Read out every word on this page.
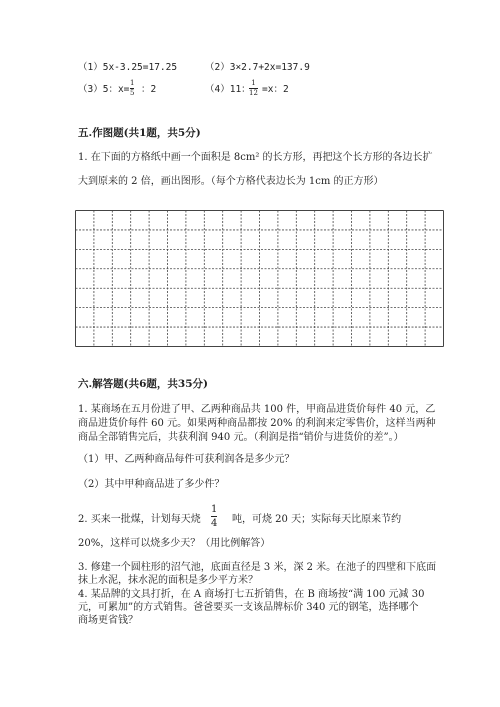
（1）5x-3.25=17.25	（2）3×2.7+2x=137.9
（3）5：x=
1
5 ：2	（4）11：
1
12 =x：2
五.作图题(共1题，共5分)
1. 在下面的方格纸中画一个面积是 8cm² 的长方形，再把这个长方形的各边长扩
大到原来的 2 倍，画出图形。（每个方格代表边长为 1cm 的正方形）
六.解答题(共6题，共35分)
1. 某商场在五月份进了甲、乙两种商品共 100 件，甲商品进货价每件 40 元，乙
商品进货价每件 60 元。如果两种商品都按 20% 的利润来定零售价，这样当两种
商品全部销售完后，共获利润 940 元。（利润是指“销价与进货价的差”。）
（1）甲、乙两种商品每件可获利润各是多少元？
（2）其中甲种商品进了多少件？
2. 买来一批煤，计划每天烧
1
4 吨，可烧 20 天；实际每天比原来节约
20%，这样可以烧多少天？（用比例解答）
3. 修建一个圆柱形的沼气池，底面直径是 3 米，深 2 米。在池子的四壁和下底面
抹上水泥，抹水泥的面积是多少平方米？
4. 某品牌的文具打折，在 A 商场打七五折销售，在 B 商场按“满 100 元减 30
元，可累加”的方式销售。爸爸要买一支该品牌标价 340 元的钢笔，选择哪个
商场更省钱？
